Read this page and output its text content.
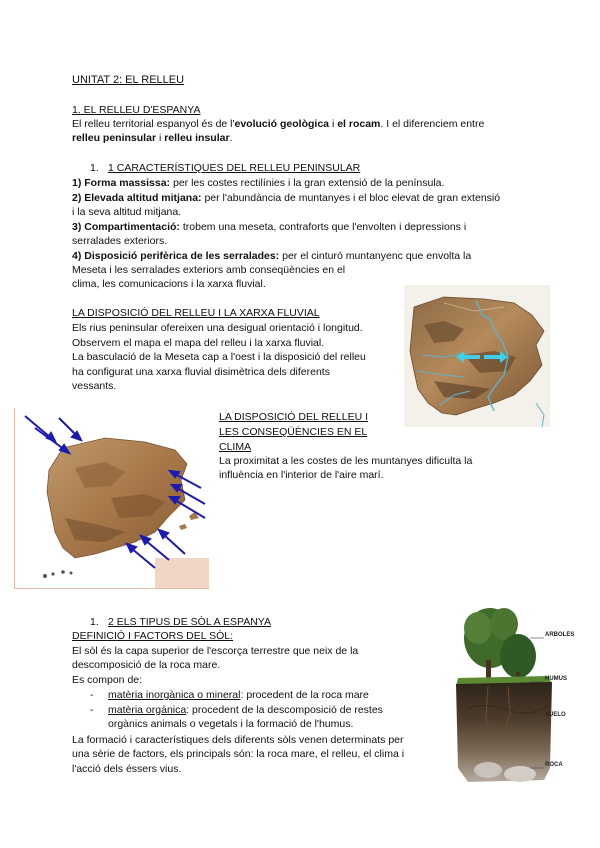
UNITAT 2: EL RELLEU
1. EL RELLEU D'ESPANYA
El relleu territorial espanyol és de l'evolució geològica i el rocam. I el diferenciem entre
relleu peninsular i relleu insular.
1. 1 CARACTERÍSTIQUES DEL RELLEU PENINSULAR
1) Forma massissa: per les costes rectilínies i la gran extensió de la península.
2) Elevada altitud mitjana: per l'abundància de muntanyes i el bloc elevat de gran extensió
i la seva altitud mitjana.
3) Compartimentació: trobem una meseta, contraforts que l'envolten i depressions i
serralades exteriors.
4) Disposició perifèrica de les serralades: per el cinturó muntanyenc que envolta la
Meseta i les serralades exteriors amb conseqüències en el
clima, les comunicacions i la xarxa fluvial.
LA DISPOSICIÓ DEL RELLEU I LA XARXA FLUVIAL
Els rius peninsular ofereixen una desigual orientació i longitud.
Observem el mapa el mapa del relleu i la xarxa fluvial.
La basculació de la Meseta cap a l'oest i la disposició del relleu
ha configurat una xarxa fluvial disimètrica dels diferents
vessants.
LA DISPOSICIÓ DEL RELLEU I
LES CONSEQÜÈNCIES EN EL
CLIMA
La proximitat a les costes de les muntanyes dificulta la
influència en l'interior de l'aire marí.
1. 2 ELS TIPUS DE SÒL A ESPANYA
DEFINICIÓ I FACTORS DEL SÒL:
El sòl és la capa superior de l'escorça terrestre que neix de la
descomposició de la roca mare.
Es compon de:
- matèria inorgànica o mineral: procedent de la roca mare
- matèria orgànica: procedent de la descomposició de restes
orgànics animals o vegetals i la formació de l'humus.
La formació i característiques dels diferents sòls venen determinats per
una sèrie de factors, els principals són: la roca mare, el relleu, el clima i
l'acció dels éssers vius.
ARBOLES
HUMUS
SUELO
ROCA
